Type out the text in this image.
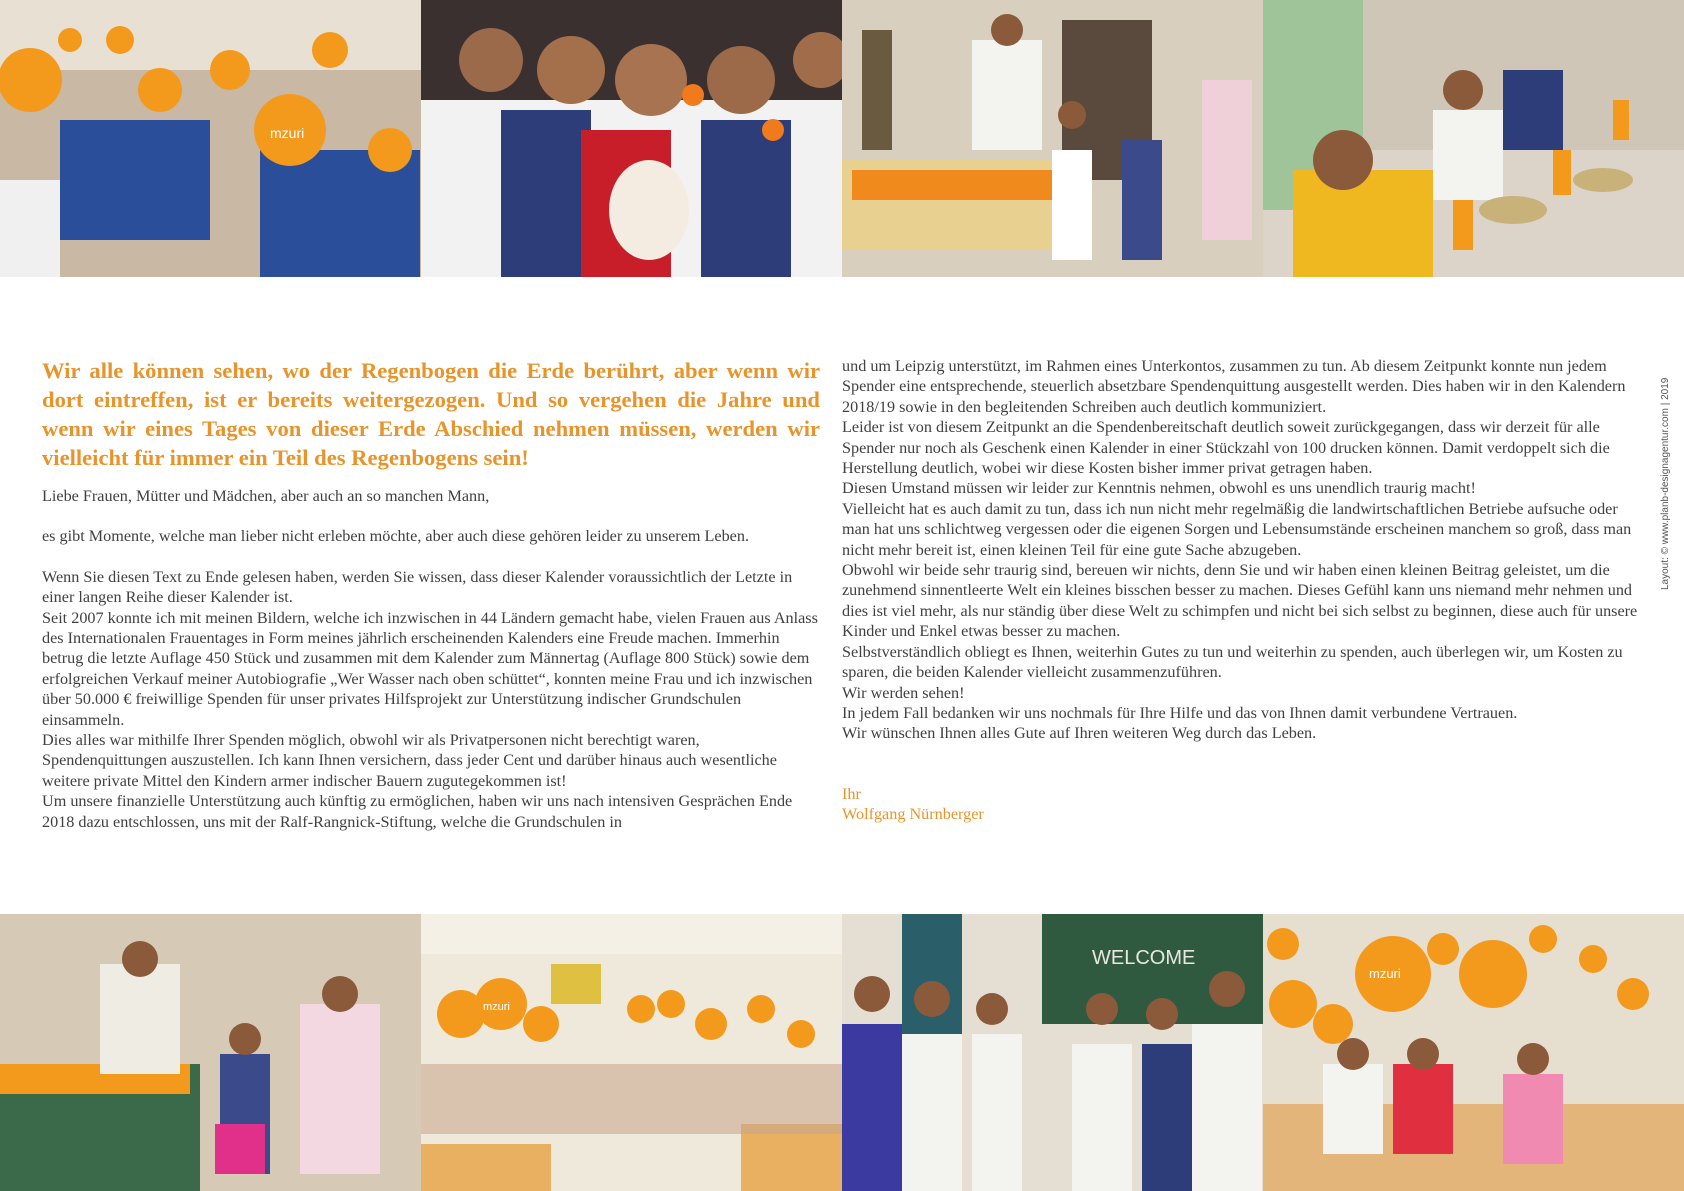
mzuri

Wir alle können sehen, wo der Regenbogen die Erde berührt, aber wenn wir dort eintreffen, ist er bereits weitergezogen. Und so vergehen die Jahre und wenn wir eines Tages von dieser Erde Abschied nehmen müssen, werden wir vielleicht für immer ein Teil des Regenbogens sein!

Liebe Frauen, Mütter und Mädchen, aber auch an so manchen Mann,

es gibt Momente, welche man lieber nicht erleben möchte, aber auch diese gehören leider zu unserem Leben.

Wenn Sie diesen Text zu Ende gelesen haben, werden Sie wissen, dass dieser Kalender voraussichtlich der Letzte in einer langen Reihe dieser Kalender ist.

Seit 2007 konnte ich mit meinen Bildern, welche ich inzwischen in 44 Ländern gemacht habe, vielen Frauen aus Anlass des Internationalen Frauentages in Form meines jährlich erscheinenden Kalenders eine Freude machen. Immerhin betrug die letzte Auflage 450 Stück und zusammen mit dem Kalender zum Männertag (Auflage 800 Stück) sowie dem erfolgreichen Verkauf meiner Autobiografie „Wer Wasser nach oben schüttet“, konnten meine Frau und ich inzwischen über 50.000 € freiwillige Spenden für unser privates Hilfsprojekt zur Unterstützung indischer Grundschulen einsammeln.

Dies alles war mithilfe Ihrer Spenden möglich, obwohl wir als Privatpersonen nicht berechtigt waren, Spendenquittungen auszustellen. Ich kann Ihnen versichern, dass jeder Cent und darüber hinaus auch wesentliche weitere private Mittel den Kindern armer indischer Bauern zugutegekommen ist!

Um unsere finanzielle Unterstützung auch künftig zu ermöglichen, haben wir uns nach intensiven Gesprächen Ende 2018 dazu entschlossen, uns mit der Ralf-Rangnick-Stiftung, welche die Grundschulen in

und um Leipzig unterstützt, im Rahmen eines Unterkontos, zusammen zu tun. Ab diesem Zeitpunkt konnte nun jedem Spender eine entsprechende, steuerlich absetzbare Spendenquittung ausgestellt werden. Dies haben wir in den Kalendern 2018/19 sowie in den begleitenden Schreiben auch deutlich kommuniziert.

Leider ist von diesem Zeitpunkt an die Spendenbereitschaft deutlich soweit zurückgegangen, dass wir derzeit für alle Spender nur noch als Geschenk einen Kalender in einer Stückzahl von 100 drucken können. Damit verdoppelt sich die Herstellung deutlich, wobei wir diese Kosten bisher immer privat getragen haben.

Diesen Umstand müssen wir leider zur Kenntnis nehmen, obwohl es uns unendlich traurig macht!

Vielleicht hat es auch damit zu tun, dass ich nun nicht mehr regelmäßig die landwirtschaftlichen Betriebe aufsuche oder man hat uns schlichtweg vergessen oder die eigenen Sorgen und Lebensumstände erscheinen manchem so groß, dass man nicht mehr bereit ist, einen kleinen Teil für eine gute Sache abzugeben.

Obwohl wir beide sehr traurig sind, bereuen wir nichts, denn Sie und wir haben einen kleinen Beitrag geleistet, um die zunehmend sinnentleerte Welt ein kleines bisschen besser zu machen. Dieses Gefühl kann uns niemand mehr nehmen und dies ist viel mehr, als nur ständig über diese Welt zu schimpfen und nicht bei sich selbst zu beginnen, diese auch für unsere Kinder und Enkel etwas besser zu machen.

Selbstverständlich obliegt es Ihnen, weiterhin Gutes zu tun und weiterhin zu spenden, auch überlegen wir, um Kosten zu sparen, die beiden Kalender vielleicht zusammenzuführen.

Wir werden sehen!

In jedem Fall bedanken wir uns nochmals für Ihre Hilfe und das von Ihnen damit verbundene Vertrauen.

Wir wünschen Ihnen alles Gute auf Ihren weiteren Weg durch das Leben.

Ihr
Wolfgang Nürnberger
Layout: © www.planb-designagentur.com | 2019
mzuri
WELCOME
mzuri
